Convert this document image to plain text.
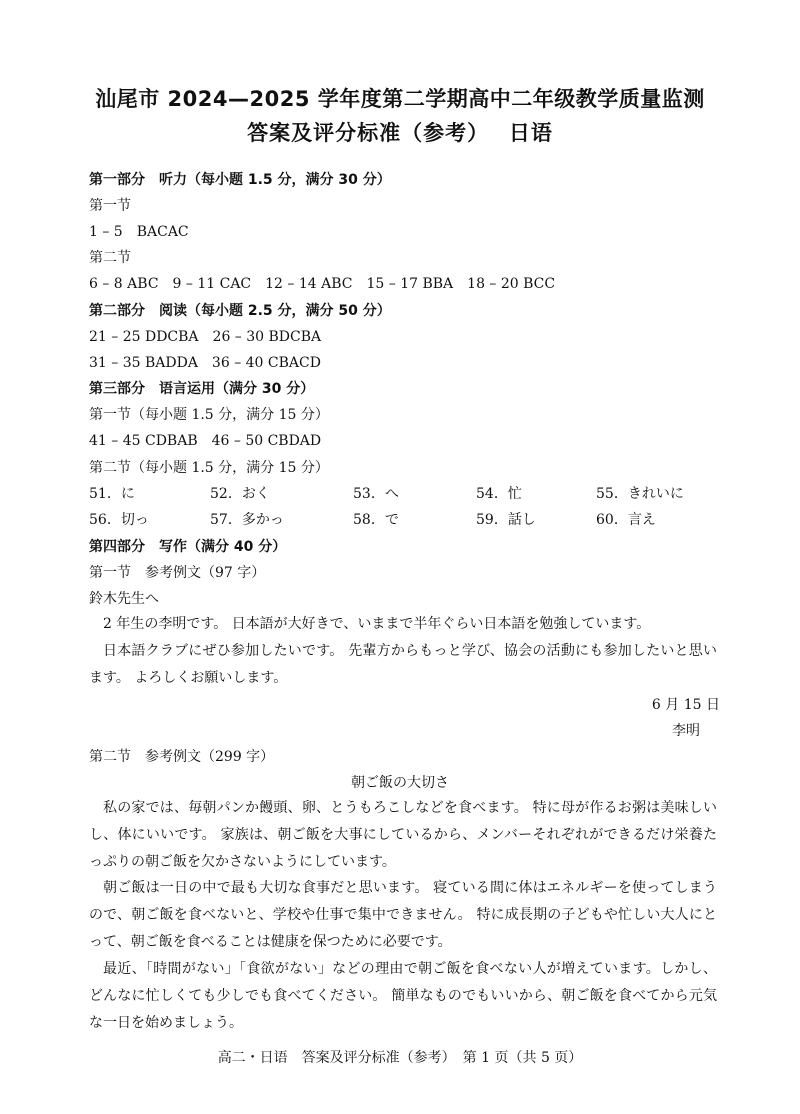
汕尾市 2024—2025 学年度第二学期高中二年级教学质量监测
答案及评分标准（参考）　 日语
第一部分　听力（每小题 1.5 分，满分 30 分）
第一节
1 – 5　BACAC
第二节
6 – 8 ABC　9 – 11 CAC　12 – 14 ABC　15 – 17 BBA　18 – 20 BCC
第二部分　阅读（每小题 2.5 分，满分 50 分）
21 – 25 DDCBA　26 – 30 BDCBA
31 – 35 BADDA　36 – 40 CBACD
第三部分　语言运用（满分 30 分）
第一节（每小题 1.5 分，满分 15 分）
41 – 45 CDBAB　46 – 50 CBDAD
第二节（每小题 1.5 分，满分 15 分）
51．に	52．おく	53．へ	54．忙	55．きれいに
56．切っ	57．多かっ	58．で	59．話し	60．言え
第四部分　写作（满分 40 分）
第一节　参考例文（97 字）
鈴木先生へ
2 年生の李明です。 日本語が大好きで、いままで半年ぐらい日本語を勉強しています。
日本語クラブにぜひ参加したいです。 先輩方からもっと学び、協会の活動にも参加したいと思います。 よろしくお願いします。
6 月 15 日
李明
第二节　参考例文（299 字）
朝ご飯の大切さ
私の家では、毎朝パンか饅頭、卵、とうもろこしなどを食べます。 特に母が作るお粥は美味しいし、体にいいです。 家族は、朝ご飯を大事にしているから、メンバーそれぞれができるだけ栄養たっぷりの朝ご飯を欠かさないようにしています。
朝ご飯は一日の中で最も大切な食事だと思います。 寝ている間に体はエネルギーを使ってしまうので、朝ご飯を食べないと、学校や仕事で集中できません。 特に成長期の子どもや忙しい大人にとって、朝ご飯を食べることは健康を保つために必要です。
最近、「時間がない」「食欲がない」などの理由で朝ご飯を食べない人が増えています。しかし、どんなに忙しくても少しでも食べてください。 簡単なものでもいいから、朝ご飯を食べてから元気な一日を始めましょう。
高二・日语　答案及评分标准（参考）　第 1 页（共 5 页）
